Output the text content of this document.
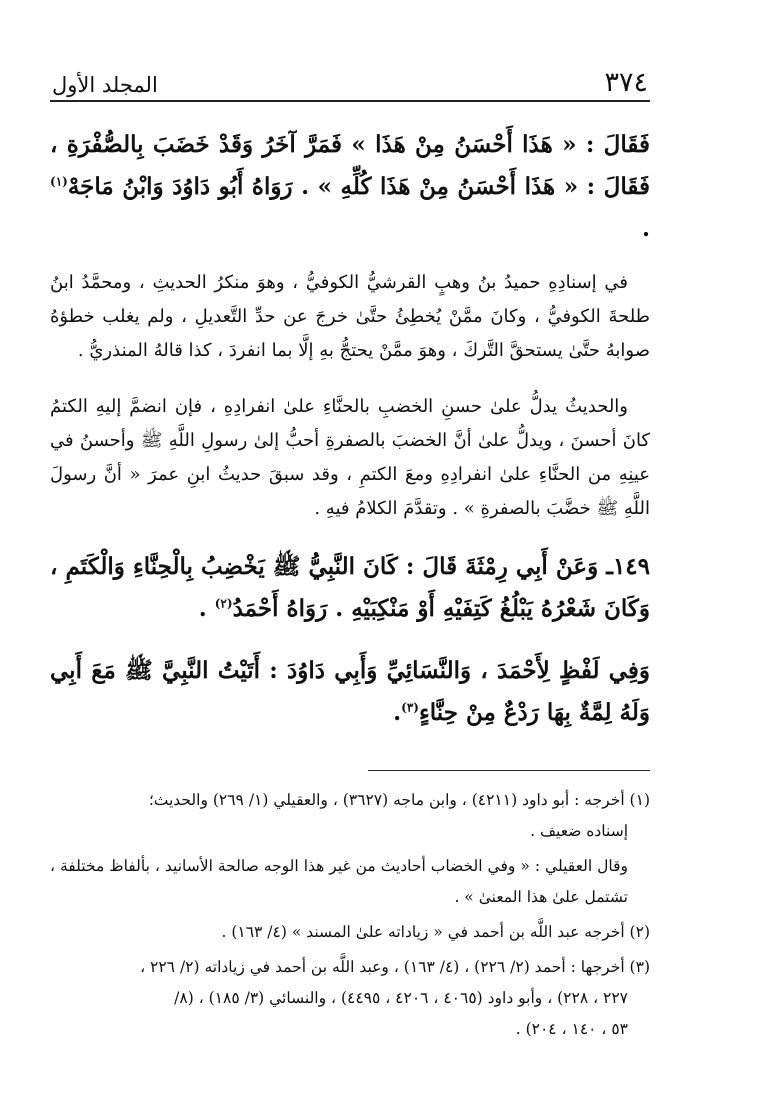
٣٧٤
المجلد الأول

فَقَالَ : « هَذَا أَحْسَنُ مِنْ هَذَا » فَمَرَّ آخَرُ وَقَدْ خَضَبَ بِالصُّفْرَةِ ، فَقَالَ : « هَذَا أَحْسَنُ مِنْ هَذَا كُلِّهِ » . رَوَاهُ أَبُو دَاوُدَ وَابْنُ مَاجَهْ$^{(١)}$ .

في إسنادِهِ حميدُ بنُ وهبٍ القرشيُّ الكوفيُّ ، وهوَ منكرُ الحديثِ ، ومحمَّدُ ابنُ طلحةَ الكوفيُّ ، وكانَ ممَّنْ يُخطِئُ حتَّىٰ خرجَ عن حدِّ التَّعديلِ ، ولم يغلب خطؤهُ صوابهُ حتَّىٰ يستحقَّ التَّركَ ، وهوَ ممَّنْ يحتجُّ بهِ إلَّا بما انفردَ ، كذا قالهُ المنذريُّ .

والحديثُ يدلُّ علىٰ حسنِ الخضبِ بالحنَّاءِ علىٰ انفرادِهِ ، فإن انضمَّ إليهِ الكتمُ كانَ أحسنَ ، ويدلُّ علىٰ أنَّ الخضبَ بالصفرةِ أحبُّ إلىٰ رسولِ اللَّهِ ﷺ وأحسنُ في عينِهِ من الحنَّاءِ علىٰ انفرادِهِ ومعَ الكتمِ ، وقد سبقَ حديثُ ابنِ عمرَ « أنَّ رسولَ اللَّهِ ﷺ خضَّبَ بالصفرةِ » . وتقدَّمَ الكلامُ فيهِ .

١٤٩ـ وَعَنْ أَبِي رِمْثَةَ قَالَ : كَانَ النَّبِيُّ ﷺ يَخْضِبُ بِالْحِنَّاءِ وَالْكَتَمِ ، وَكَانَ شَعْرُهُ يَبْلُغُ كَتِفَيْهِ أَوْ مَنْكِبَيْهِ . رَوَاهُ أَحْمَدُ$^{(٢)}$ .

وَفِي لَفْظٍ لِأَحْمَدَ ، وَالنَّسَائِيِّ وَأَبِي دَاوُدَ : أَتَيْتُ النَّبِيَّ ﷺ مَعَ أَبِي وَلَهُ لِمَّةٌ بِهَا رَدْعٌ مِنْ حِنَّاءٍ$^{(٣)}$.

(١) أخرجه : أبو داود (٤٢١١) ، وابن ماجه (٣٦٢٧) ، والعقيلي (١/ ٢٦٩) والحديث؛
إسناده ضعيف .

وقال العقيلي : « وفي الخضاب أحاديث من غير هذا الوجه صالحة الأسانيد ، بألفاظ مختلفة ، تشتمل علىٰ هذا المعنىٰ » .

(٢) أخرجه عبد اللَّه بن أحمد في « زياداته علىٰ المسند » (٤/ ١٦٣) .

(٣) أخرجها : أحمد (٢/ ٢٢٦) ، (٤/ ١٦٣) ، وعبد اللَّه بن أحمد في زياداته (٢/ ٢٢٦ ،
٢٢٧ ، ٢٢٨) ، وأبو داود (٤٠٦٥ ، ٤٢٠٦ ، ٤٤٩٥) ، والنسائي (٣/ ١٨٥) ، (٨/
٥٣ ، ١٤٠ ، ٢٠٤) .
